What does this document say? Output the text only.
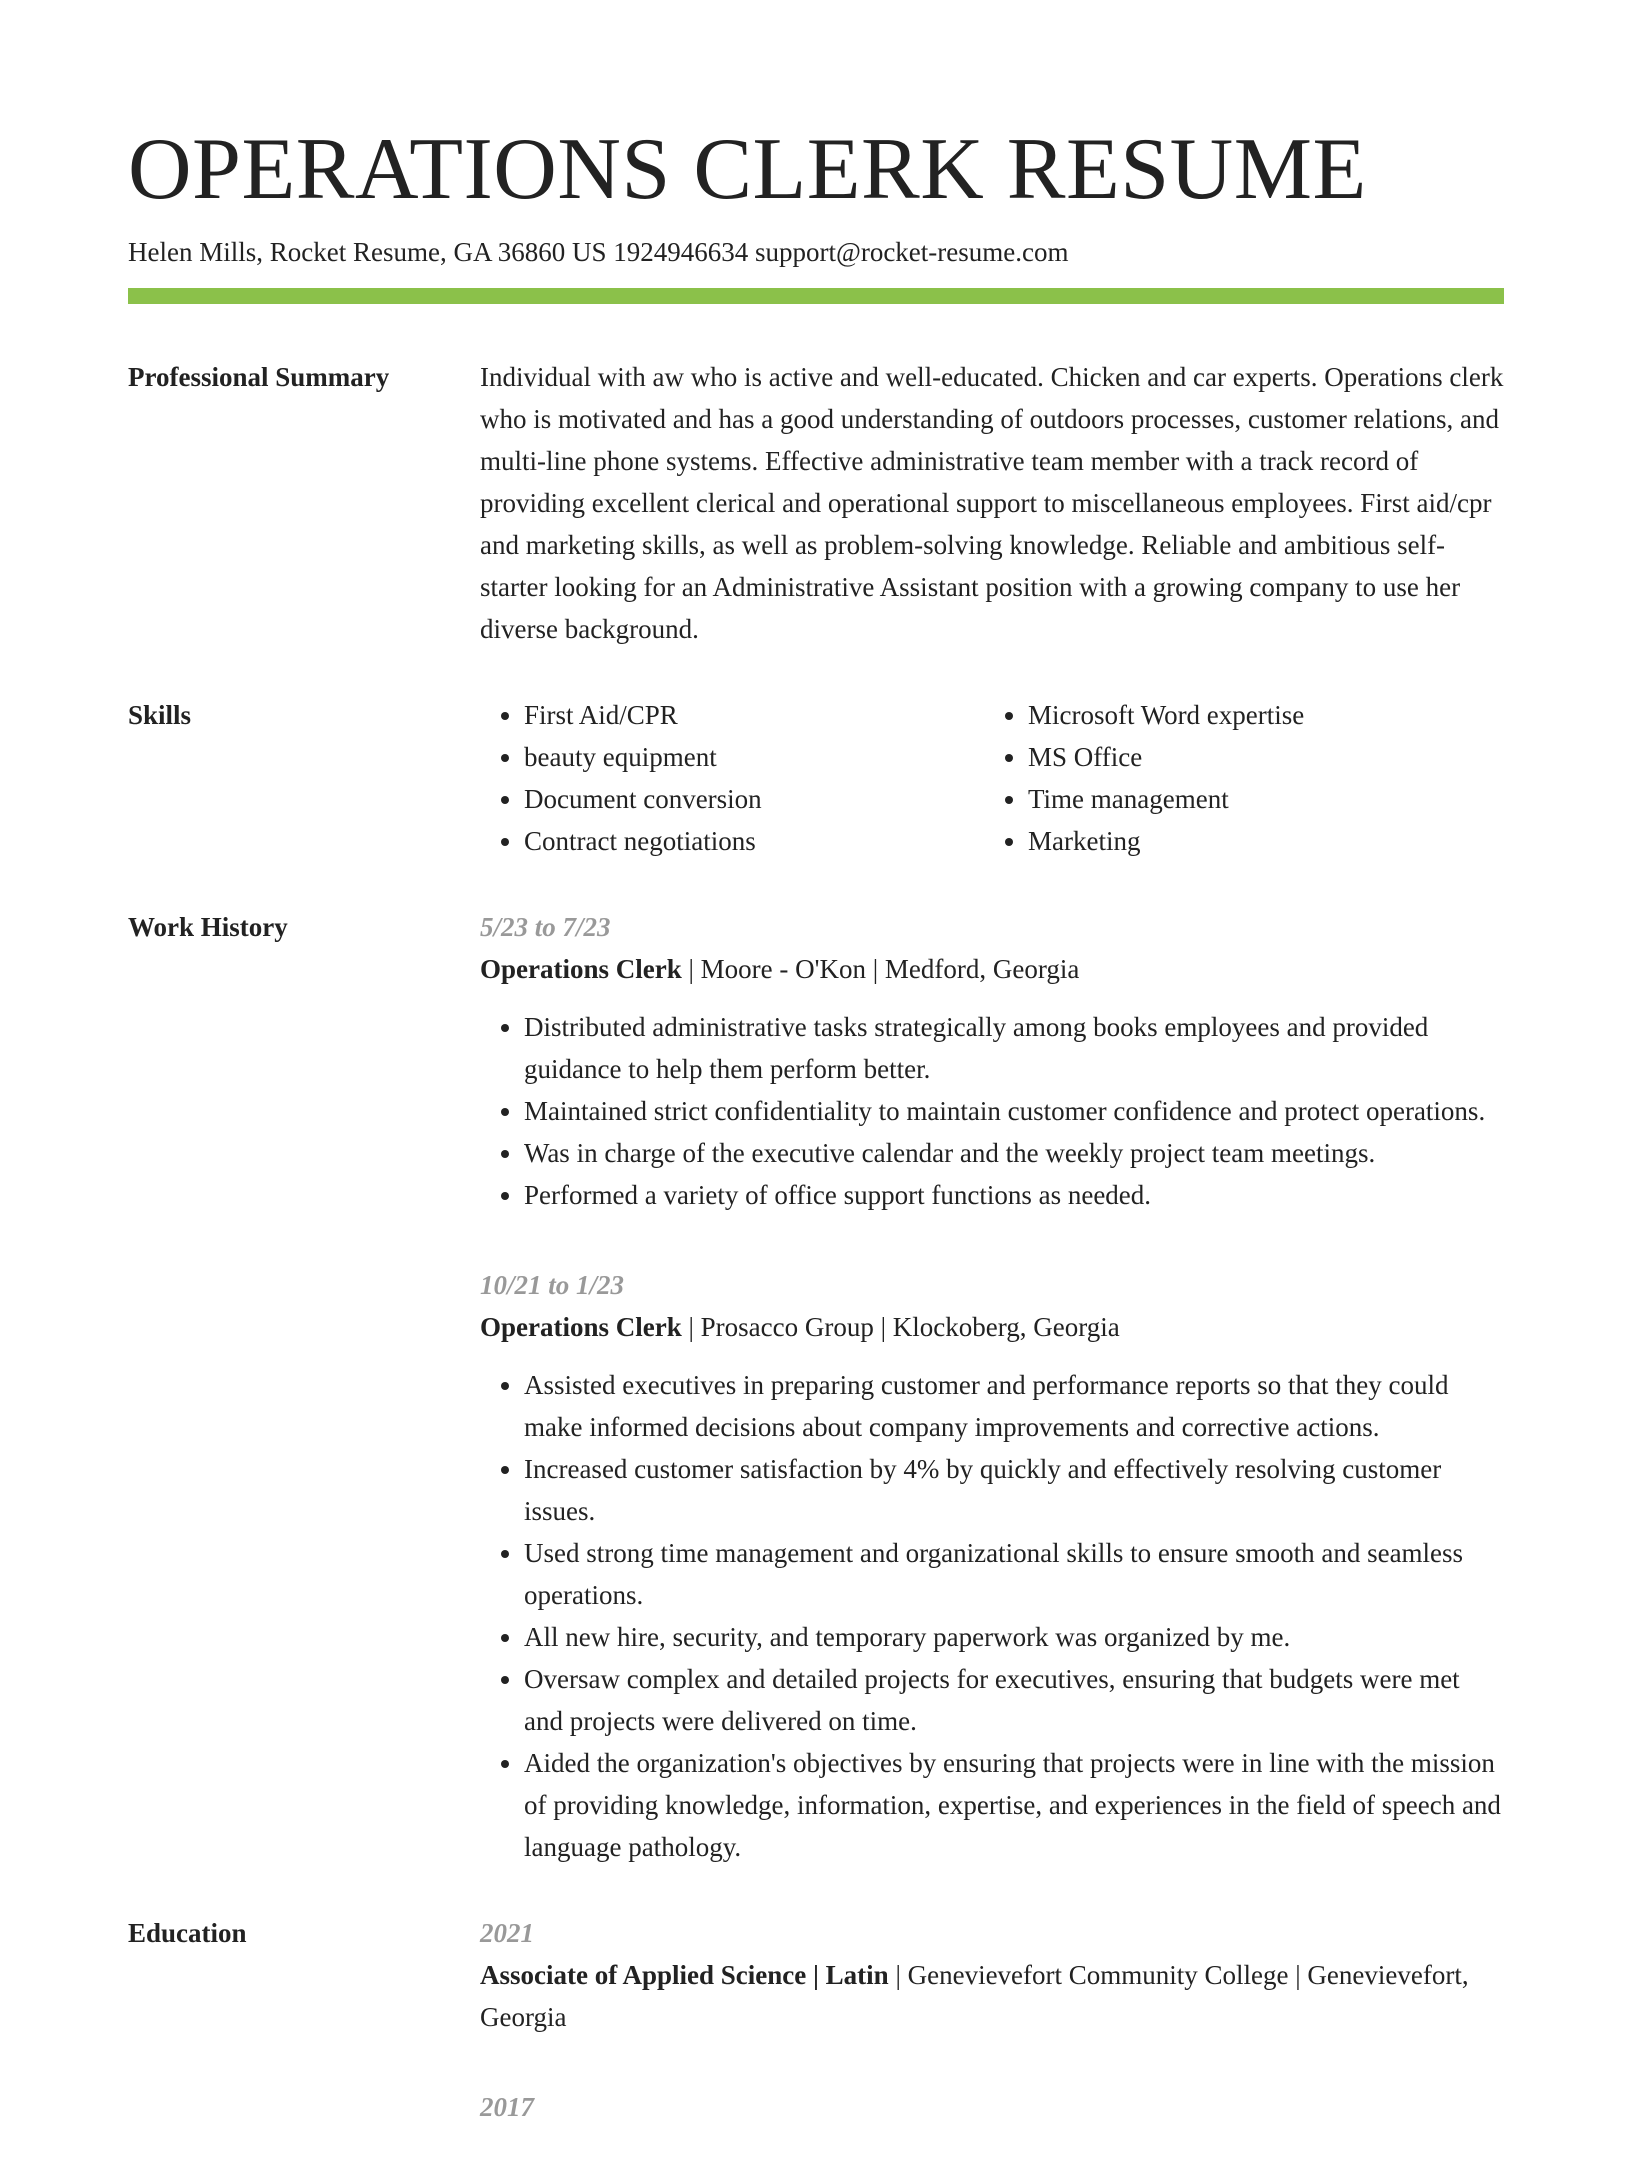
OPERATIONS CLERK RESUME
Helen Mills, Rocket Resume, GA 36860 US 1924946634 support@rocket-resume.com
Professional Summary	Individual with aw who is active and well-educated. Chicken and car experts. Operations clerk who is motivated and has a good understanding of outdoors processes, customer relations, and multi-line phone systems. Effective administrative team member with a track record of providing excellent clerical and operational support to miscellaneous employees. First aid/cpr and marketing skills, as well as problem-solving knowledge. Reliable and ambitious self-starter looking for an Administrative Assistant position with a growing company to use her diverse background.

Skills
•	First Aid/CPR
• beauty equipment
• Document conversion
• Contract negotiations
• Microsoft Word expertise
• MS Office
• Time management
• Marketing
Work History	5/23 to 7/23
Operations Clerk | Moore - O'Kon | Medford, Georgia
• Distributed administrative tasks strategically among books employees and provided guidance to help them perform better.
• Maintained strict confidentiality to maintain customer confidence and protect operations.
• Was in charge of the executive calendar and the weekly project team meetings.
• Performed a variety of office support functions as needed.
10/21 to 1/23
Operations Clerk | Prosacco Group | Klockoberg, Georgia
• Assisted executives in preparing customer and performance reports so that they could make informed decisions about company improvements and corrective actions.
• Increased customer satisfaction by 4% by quickly and effectively resolving customer issues.
• Used strong time management and organizational skills to ensure smooth and seamless operations.
• All new hire, security, and temporary paperwork was organized by me.
• Oversaw complex and detailed projects for executives, ensuring that budgets were met and projects were delivered on time.
• Aided the organization's objectives by ensuring that projects were in line with the mission of providing knowledge, information, expertise, and experiences in the field of speech and language pathology.
Education	2021
Associate of Applied Science | Latin | Genevievefort Community College | Genevievefort, Georgia
2017
